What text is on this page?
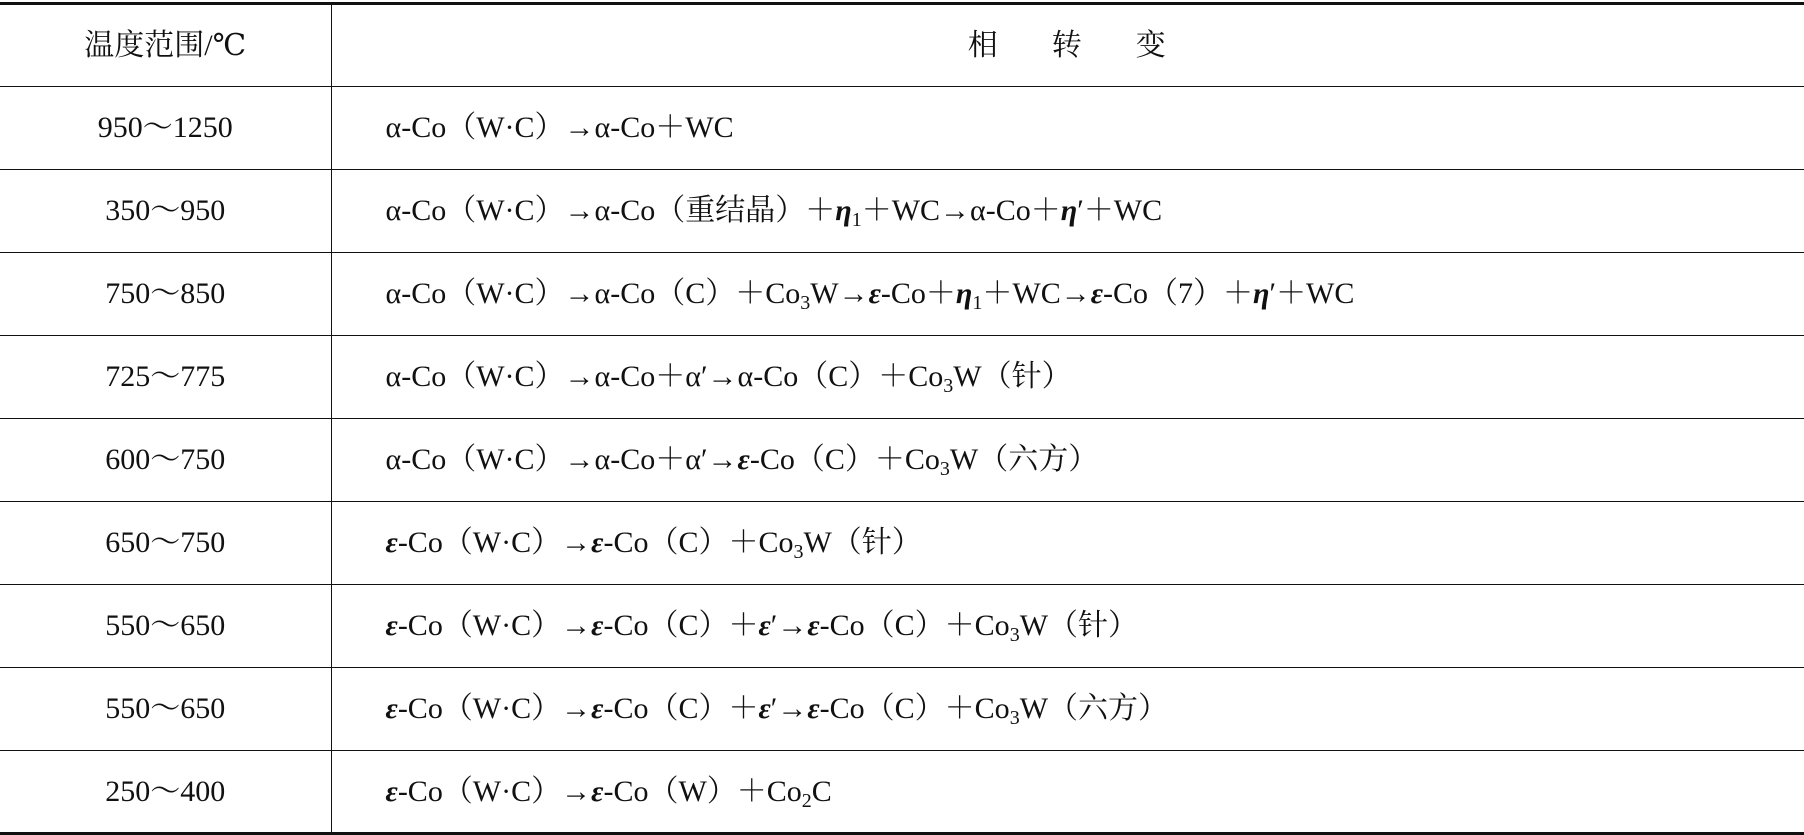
温度范围/℃	相 转 变
950～1250	α-Co（W·C）→α-Co＋WC
350～950	α-Co（W·C）→α-Co（重结晶）$+\eta_1+WC\to\alpha-Co+\eta'+WC$
750～850	$\alpha-Co(W\cdot C)\to\alpha-Co(C)+Co_3W\to\varepsilon-Co+\eta_1+WC\to\varepsilon-Co(7)+\eta'+WC$
725～775	$\alpha-Co(W\cdot C)\to\alpha-Co+\alpha'\to\alpha-Co(C)+Co_3W$（针）
600～750	$\alpha-Co(W\cdot C)\to\alpha-Co+\alpha'\to\varepsilon-Co(C)+Co_3W$（六方）
650～750	$\varepsilon-Co(W\cdot C)\to\varepsilon-Co(C)+Co_3W$（针）
550～650	$\varepsilon-Co(W\cdot C)\to\varepsilon-Co(C)+\varepsilon'\to\varepsilon-Co(C)+Co_3W$（针）
550～650	$\varepsilon-Co(W\cdot C)\to\varepsilon-Co(C)+\varepsilon'\to\varepsilon-Co(C)+Co_3W$（六方）
250～400	$\varepsilon-Co(W\cdot C)\to\varepsilon-Co(W)+Co_2C$
